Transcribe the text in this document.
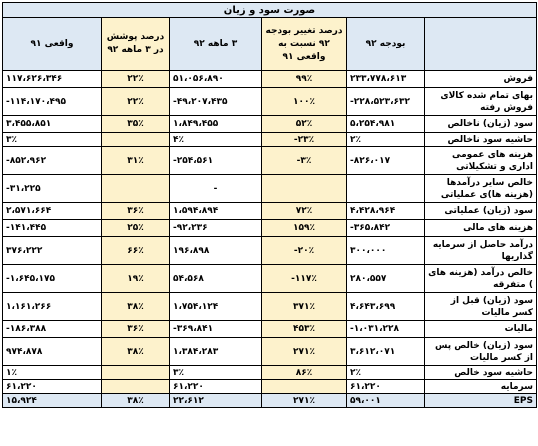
صورت سود و زیان					
	بودجه ۹۲	درصد تغییر بودجه ۹۲ نسبت به واقعی ۹۱	۳ ماهه ۹۲	درصد پوشش در ۳ ماهه ۹۲	واقعی ۹۱
فروش	۲۳۳،۷۷۸،۶۱۳	۹۹٪	۵۱،۰۵۶،۸۹۰	۲۲٪	۱۱۷،۶۲۶،۳۴۶
بهای تمام شده کالای فروش رفته	-۲۲۸،۵۲۳،۶۳۲	۱۰۰٪	-۴۹،۲۰۷،۴۳۵	۲۲٪	-۱۱۴،۱۷۰،۴۹۵
سود (زیان) ناخالص	۵،۲۵۴،۹۸۱	۵۲٪	۱،۸۴۹،۴۵۵	۳۵٪	۳،۴۵۵،۸۵۱
حاشیه سود ناخالص	۲٪	-۲۳٪	۴٪		۳٪
هزینه های عمومی اداری و تشکیلاتی	-۸۲۶،۰۱۷	-۳٪	-۲۵۴،۵۶۱	۳۱٪	-۸۵۲،۹۶۲
خالص سایر درآمدها (هزینه ها)ی عملیاتی			-		-۳۱،۲۲۵
سود (زیان) عملیاتی	۴،۴۲۸،۹۶۴	۷۲٪	۱،۵۹۴،۸۹۴	۳۶٪	۲،۵۷۱،۶۶۴
هزینه های مالی	-۳۶۵،۸۴۲	۱۵۹٪	-۹۲،۲۳۶	۲۵٪	-۱۴۱،۴۴۵
درآمد حاصل از سرمایه گذاریها	۳۰۰،۰۰۰	-۲۰٪	۱۹۶،۸۹۸	۶۶٪	۳۷۶،۲۲۲
خالص درآمد (هزینه های ) متفرقه	۲۸۰،۵۵۷	-۱۱۷٪	۵۴،۵۶۸	۱۹٪	-۱،۶۴۵،۱۷۵
سود (زیان) قبل از کسر مالیات	۴،۶۴۳،۶۹۹	۳۷۱٪	۱،۷۵۴،۱۲۴	۳۸٪	۱،۱۶۱،۲۶۶
مالیات	-۱،۰۳۱،۲۲۸	۴۵۳٪	-۳۶۹،۸۴۱	۳۶٪	-۱۸۶،۳۸۸
سود (زیان) خالص پس از کسر مالیات	۳،۶۱۲،۰۷۱	۲۷۱٪	۱،۳۸۴،۲۸۳	۳۸٪	۹۷۴،۸۷۸
حاشیه سود خالص	۲٪	۸۶٪	۳٪		۱٪
سرمایه	۶۱،۲۲۰		۶۱،۲۲۰		۶۱،۲۲۰
EPS	۵۹،۰۰۱	۲۷۱٪	۲۲،۶۱۲	۳۸٪	۱۵،۹۲۴
